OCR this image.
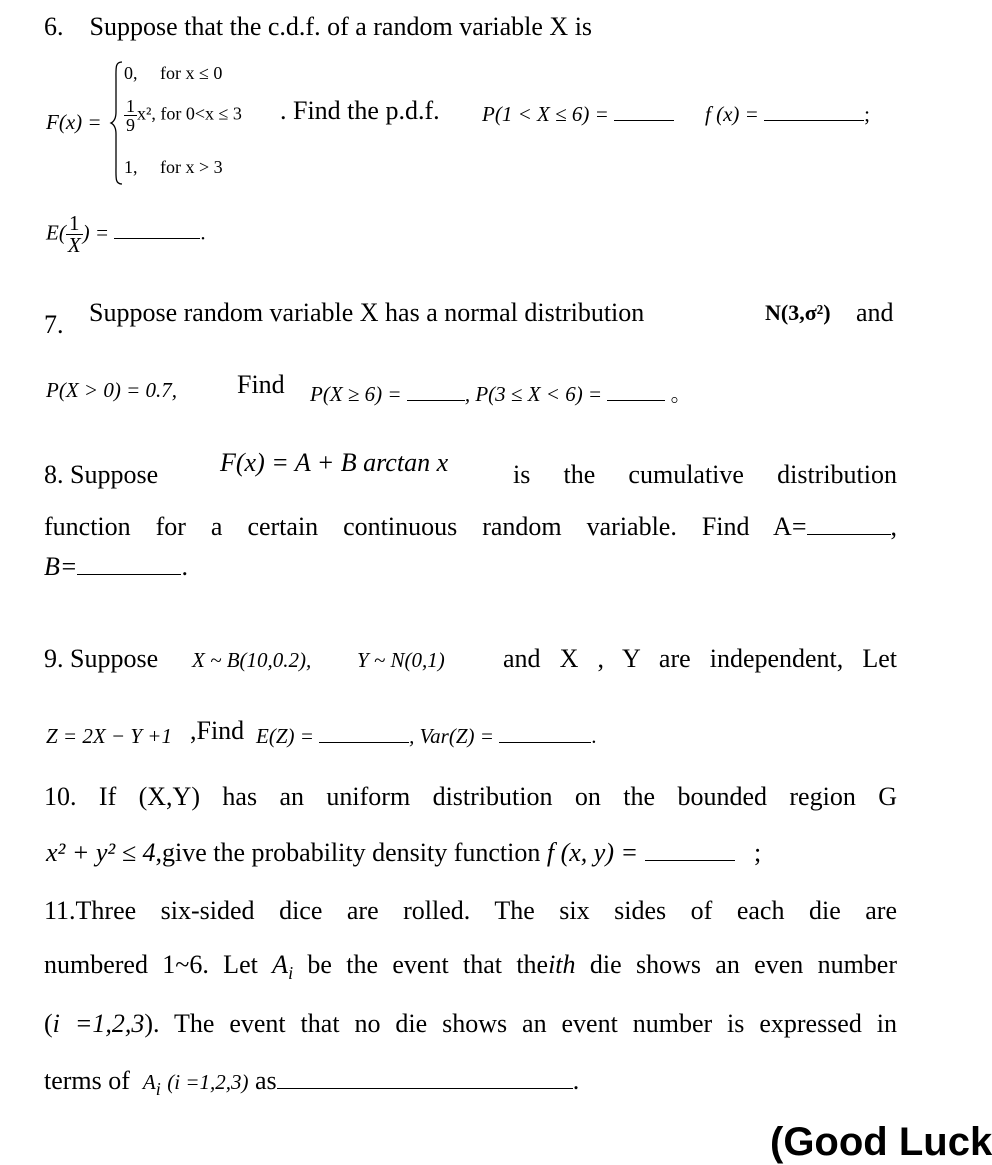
6. Suppose that the c.d.f. of a random variable X is
F(x) =
0, for x ≤ 0
$\frac{1}{9} x^2$, for 0<x ≤ 3
1, for x > 3
. Find the p.d.f. P(1 < X ≤ 6) =	f (x) =	;
$E( \frac{1}{X}$ ) =	.
7. Suppose random variable X has a normal distribution	N(3,σ²) and
P(X > 0) = 0.7, Find P(X ≥ 6) =	, P(3 ≤ X < 6) =	。
8. Suppose F(x) = A + B arctan x is the cumulative distribution
function for a certain continuous random variable. Find A=	,
B=	.
9. Suppose X ~ B(10,0.2), Y ~ N(0,1) and X , Y are independent, Let
Z = 2X − Y +1 ,Find E(Z) =	, Var(Z) =	.
10. If (X,Y) has an uniform distribution on the bounded region G
x² + y² ≤ 4,give the probability density function f (x, y) =	;
11.Three six-sided dice are rolled. The six sides of each die are
numbered 1~6. Let $A_i$ be the event that theith die shows an even number
(i =1,2,3). The event that no die shows an event number is expressed in
terms of $A_i$ (i =1,2,3) as	.
(Good Luck
